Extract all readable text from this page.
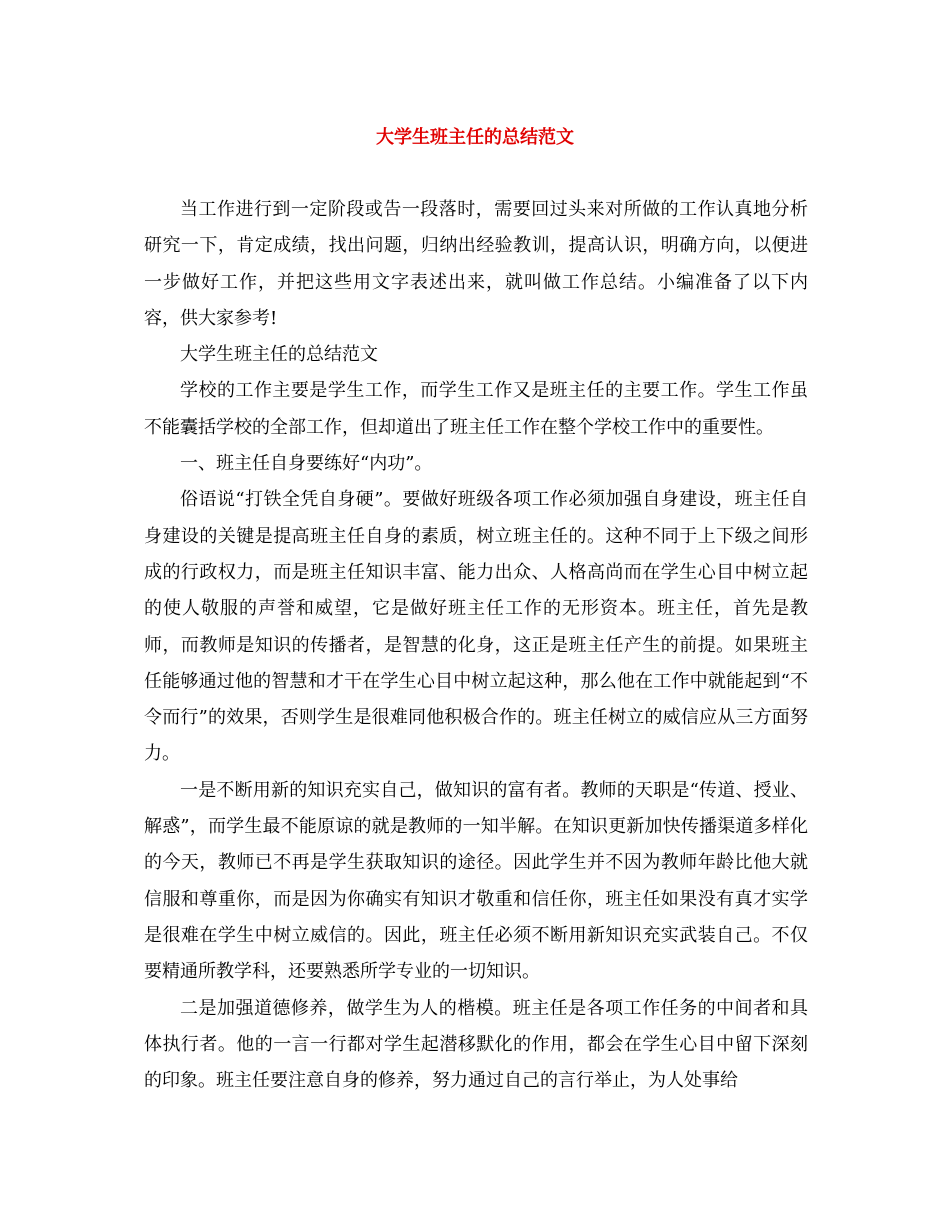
大学生班主任的总结范文

当工作进行到一定阶段或告一段落时，需要回过头来对所做的工作认真地分析研究一下，肯定成绩，找出问题，归纳出经验教训，提高认识，明确方向，以便进一步做好工作，并把这些用文字表述出来，就叫做工作总结。小编准备了以下内容，供大家参考!

大学生班主任的总结范文

学校的工作主要是学生工作，而学生工作又是班主任的主要工作。学生工作虽不能囊括学校的全部工作，但却道出了班主任工作在整个学校工作中的重要性。

一、班主任自身要练好“内功”。

俗语说“打铁全凭自身硬”。要做好班级各项工作必须加强自身建设，班主任自身建设的关键是提高班主任自身的素质，树立班主任的。这种不同于上下级之间形成的行政权力，而是班主任知识丰富、能力出众、人格高尚而在学生心目中树立起的使人敬服的声誉和威望，它是做好班主任工作的无形资本。班主任，首先是教师，而教师是知识的传播者，是智慧的化身，这正是班主任产生的前提。如果班主任能够通过他的智慧和才干在学生心目中树立起这种，那么他在工作中就能起到“不令而行”的效果，否则学生是很难同他积极合作的。班主任树立的威信应从三方面努力。

一是不断用新的知识充实自己，做知识的富有者。教师的天职是“传道、授业、解惑”，而学生最不能原谅的就是教师的一知半解。在知识更新加快传播渠道多样化的今天，教师已不再是学生获取知识的途径。因此学生并不因为教师年龄比他大就信服和尊重你，而是因为你确实有知识才敬重和信任你，班主任如果没有真才实学是很难在学生中树立威信的。因此，班主任必须不断用新知识充实武装自己。不仅要精通所教学科，还要熟悉所学专业的一切知识。

二是加强道德修养，做学生为人的楷模。班主任是各项工作任务的中间者和具体执行者。他的一言一行都对学生起潜移默化的作用，都会在学生心目中留下深刻的印象。班主任要注意自身的修养，努力通过自己的言行举止，为人处事给
